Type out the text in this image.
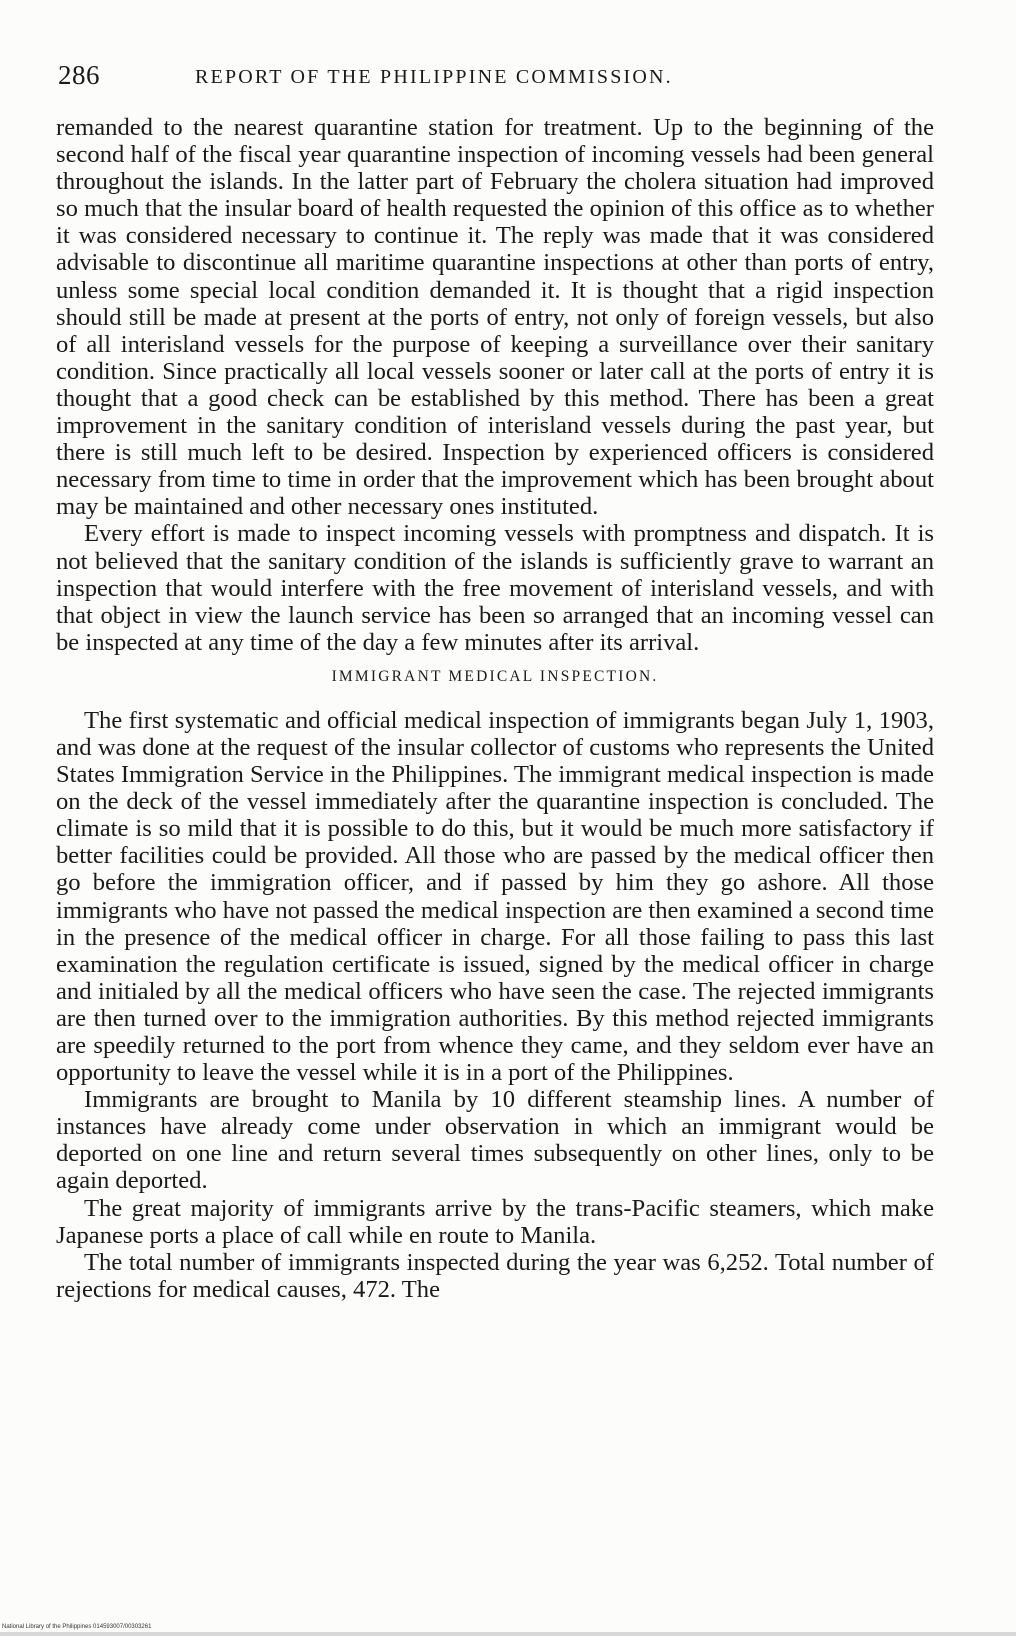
286	REPORT OF THE PHILIPPINE COMMISSION.

remanded to the nearest quarantine station for treatment. Up to the beginning of the second half of the fiscal year quarantine inspection of incoming vessels had been general throughout the islands. In the latter part of February the cholera situation had improved so much that the insular board of health requested the opinion of this office as to whether it was considered necessary to continue it. The reply was made that it was considered advisable to discontinue all maritime quarantine inspections at other than ports of entry, unless some special local condition demanded it. It is thought that a rigid inspection should still be made at present at the ports of entry, not only of foreign vessels, but also of all interisland vessels for the purpose of keeping a surveillance over their sanitary condition. Since practically all local vessels sooner or later call at the ports of entry it is thought that a good check can be established by this method. There has been a great improvement in the sanitary condition of interisland vessels during the past year, but there is still much left to be desired. Inspection by experienced officers is considered necessary from time to time in order that the improvement which has been brought about may be maintained and other necessary ones instituted.

Every effort is made to inspect incoming vessels with promptness and dispatch. It is not believed that the sanitary condition of the islands is sufficiently grave to warrant an inspection that would interfere with the free movement of interisland vessels, and with that object in view the launch service has been so arranged that an incoming vessel can be inspected at any time of the day a few minutes after its arrival.

IMMIGRANT MEDICAL INSPECTION.

The first systematic and official medical inspection of immigrants began July 1, 1903, and was done at the request of the insular collector of customs who represents the United States Immigration Service in the Philippines. The immigrant medical inspection is made on the deck of the vessel immediately after the quarantine inspection is concluded. The climate is so mild that it is possible to do this, but it would be much more satisfactory if better facilities could be provided. All those who are passed by the medical officer then go before the immigration officer, and if passed by him they go ashore. All those immigrants who have not passed the medical inspection are then examined a second time in the presence of the medical officer in charge. For all those failing to pass this last examination the regulation certificate is issued, signed by the medical officer in charge and initialed by all the medical officers who have seen the case. The rejected immigrants are then turned over to the immigration authorities. By this method rejected immigrants are speedily returned to the port from whence they came, and they seldom ever have an opportunity to leave the vessel while it is in a port of the Philippines.

Immigrants are brought to Manila by 10 different steamship lines. A number of instances have already come under observation in which an immigrant would be deported on one line and return several times subsequently on other lines, only to be again deported.

The great majority of immigrants arrive by the trans-Pacific steamers, which make Japanese ports a place of call while en route to Manila.

The total number of immigrants inspected during the year was 6,252. Total number of rejections for medical causes, 472. The

National Library of the Philippines 014593007/00303261
